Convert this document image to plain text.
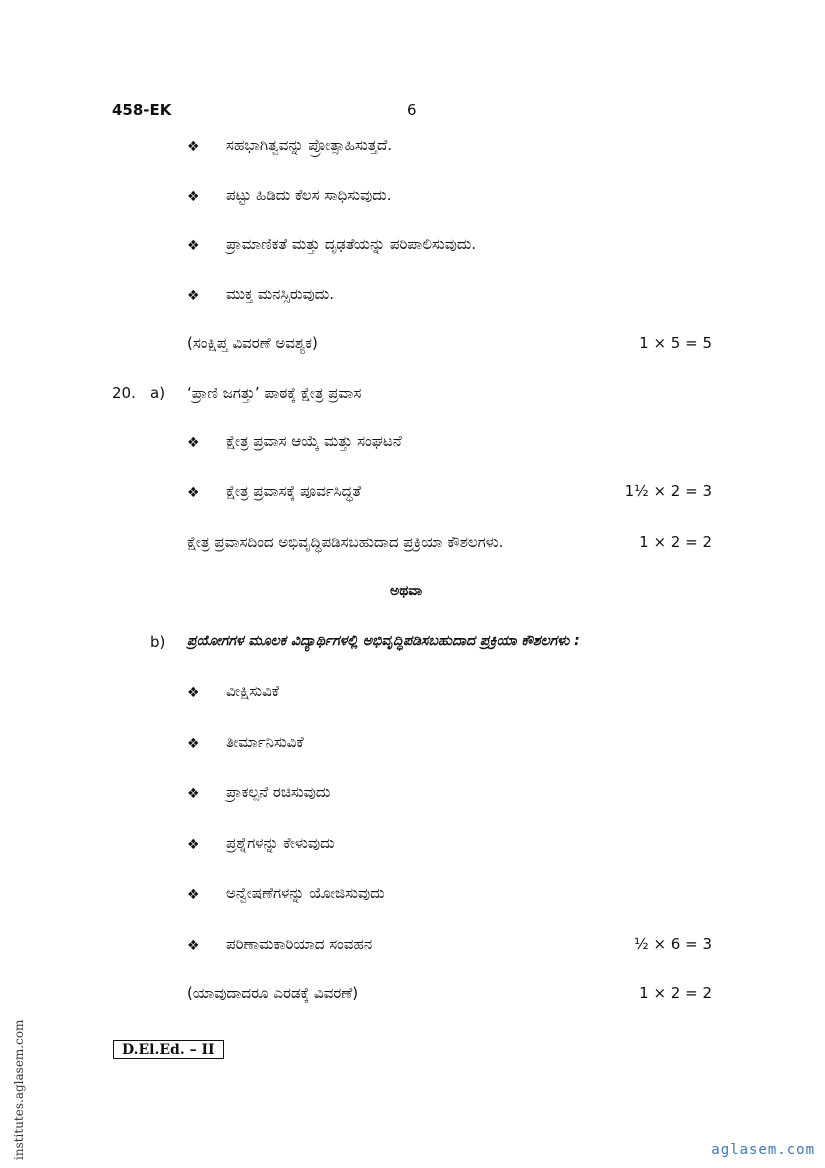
458-EK	6
❖
ಸಹಭಾಗಿತ್ವವನ್ನು ಪ್ರೋತ್ಸಾಹಿಸುತ್ತದೆ.
❖
ಪಟ್ಟು ಹಿಡಿದು ಕೆಲಸ ಸಾಧಿಸುವುದು.
❖
ಪ್ರಾಮಾಣಿಕತೆ ಮತ್ತು ದೃಢತೆಯನ್ನು ಪರಿಪಾಲಿಸುವುದು.
❖
ಮುಕ್ತ ಮನಸ್ಸಿರುವುದು.
(ಸಂಕ್ಷಿಪ್ತ ವಿವರಣೆ ಅವಶ್ಯಕ)	1 × 5 = 5
20. a) ‘ಪ್ರಾಣಿ ಜಗತ್ತು’ ಪಾಠಕ್ಕೆ ಕ್ಷೇತ್ರ ಪ್ರವಾಸ
❖
ಕ್ಷೇತ್ರ ಪ್ರವಾಸ ಆಯ್ಕೆ ಮತ್ತು ಸಂಘಟನೆ
❖
ಕ್ಷೇತ್ರ ಪ್ರವಾಸಕ್ಕೆ ಪೂರ್ವಸಿದ್ಧತೆ	1½ × 2 = 3
ಕ್ಷೇತ್ರ ಪ್ರವಾಸದಿಂದ ಅಭಿವೃದ್ಧಿಪಡಿಸಬಹುದಾದ ಪ್ರಕ್ರಿಯಾ ಕೌಶಲಗಳು.	1 × 2 = 2
ಅಥವಾ
b) ಪ್ರಯೋಗಗಳ ಮೂಲಕ ವಿದ್ಯಾರ್ಥಿಗಳಲ್ಲಿ ಅಭಿವೃದ್ಧಿಪಡಿಸಬಹುದಾದ ಪ್ರಕ್ರಿಯಾ ಕೌಶಲಗಳು :
❖
ವೀಕ್ಷಿಸುವಿಕೆ
❖
ತೀರ್ಮಾನಿಸುವಿಕೆ
❖
ಪ್ರಾಕಲ್ಪನೆ ರಚಿಸುವುದು
❖
ಪ್ರಶ್ನೆಗಳನ್ನು ಕೇಳುವುದು
❖
ಅನ್ವೇಷಣೆಗಳನ್ನು ಯೋಜಿಸುವುದು
❖
ಪರಿಣಾಮಕಾರಿಯಾದ ಸಂವಹನ	½ × 6 = 3
(ಯಾವುದಾದರೂ ಎರಡಕ್ಕೆ ವಿವರಣೆ)	1 × 2 = 2
D.El.Ed. – II
institutes.aglasem.com	aglasem.com
